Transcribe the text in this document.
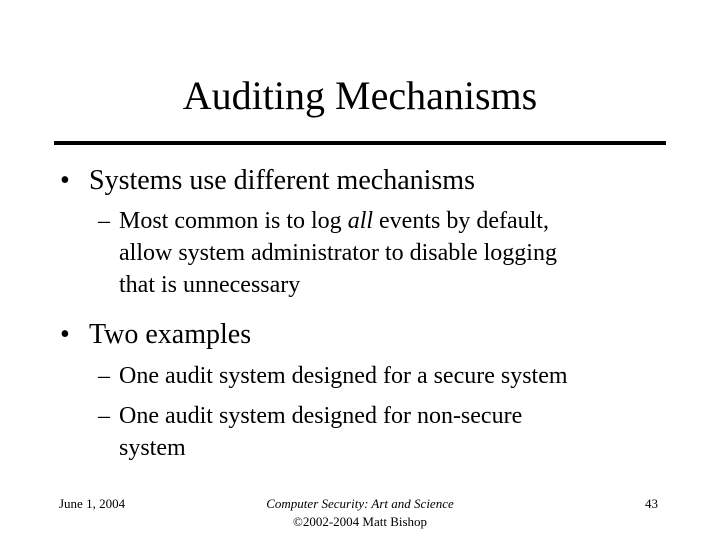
Auditing Mechanisms
• Systems use different mechanisms
– Most common is to log all events by default,
allow system administrator to disable logging
that is unnecessary
• Two examples
– One audit system designed for a secure system
– One audit system designed for non-secure
system
June 1, 2004	Computer Security: Art and Science
©2002-2004 Matt Bishop
43
